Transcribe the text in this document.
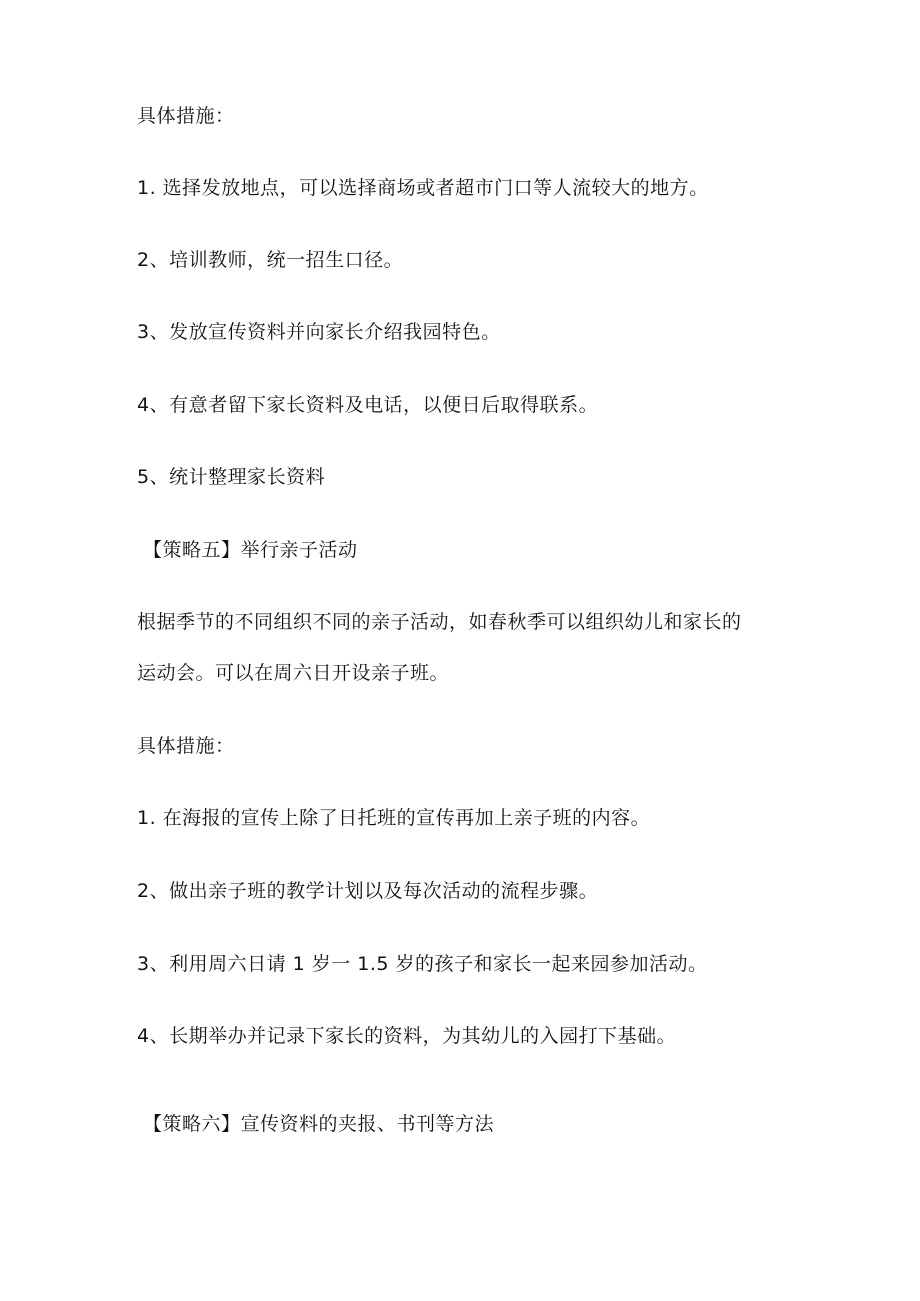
具体措施：
1. 选择发放地点，可以选择商场或者超市门口等人流较大的地方。
2、培训教师，统一招生口径。
3、发放宣传资料并向家长介绍我园特色。
4、有意者留下家长资料及电话，以便日后取得联系。
5、统计整理家长资料
【策略五】举行亲子活动
根据季节的不同组织不同的亲子活动，如春秋季可以组织幼儿和家长的
运动会。可以在周六日开设亲子班。
具体措施：
1. 在海报的宣传上除了日托班的宣传再加上亲子班的内容。
2、做出亲子班的教学计划以及每次活动的流程步骤。
3、利用周六日请 1 岁一 1.5 岁的孩子和家长一起来园参加活动。
4、长期举办并记录下家长的资料，为其幼儿的入园打下基础。
【策略六】宣传资料的夹报、书刊等方法
